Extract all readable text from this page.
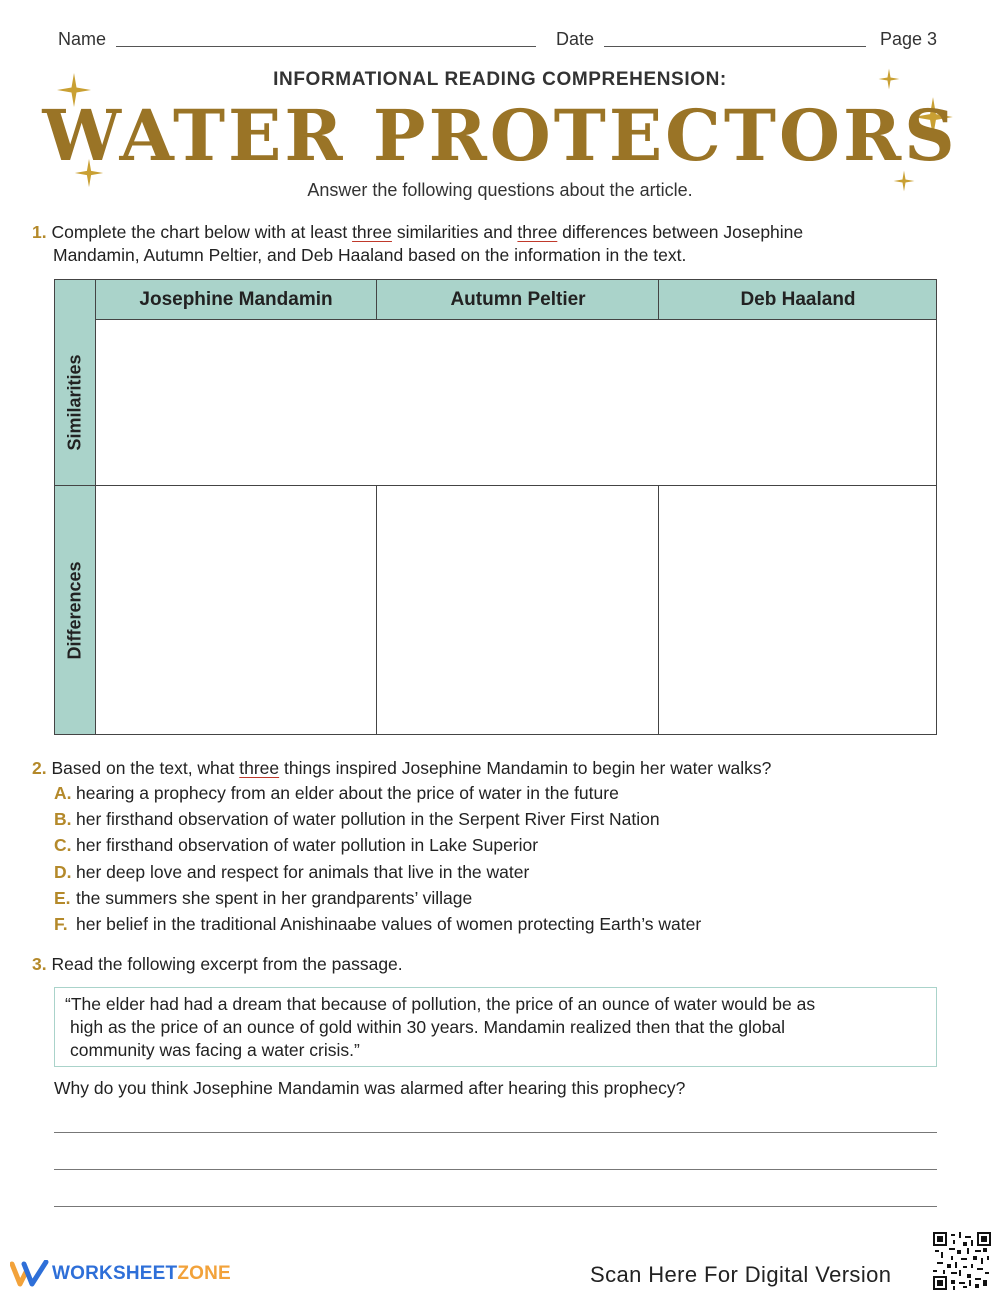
Name	Date	Page 3
INFORMATIONAL READING COMPREHENSION:
WATER PROTECTORS
Answer the following questions about the article.
1. Complete the chart below with at least three similarities and three differences between Josephine
Mandamin, Autumn Peltier, and Deb Haaland based on the information in the text.
Josephine Mandamin	Autumn Peltier	Deb Haaland
Similarities
Differences
2. Based on the text, what three things inspired Josephine Mandamin to begin her water walks?
A. hearing a prophecy from an elder about the price of water in the future
B. her firsthand observation of water pollution in the Serpent River First Nation
C. her firsthand observation of water pollution in Lake Superior
D. her deep love and respect for animals that live in the water
E. the summers she spent in her grandparents’ village
F. her belief in the traditional Anishinaabe values of women protecting Earth’s water
3. Read the following excerpt from the passage.
“The elder had had a dream that because of pollution, the price of an ounce of water would be as
high as the price of an ounce of gold within 30 years. Mandamin realized then that the global
community was facing a water crisis.”
Why do you think Josephine Mandamin was alarmed after hearing this prophecy?
WORKSHEET ZONE	Scan Here For Digital Version
